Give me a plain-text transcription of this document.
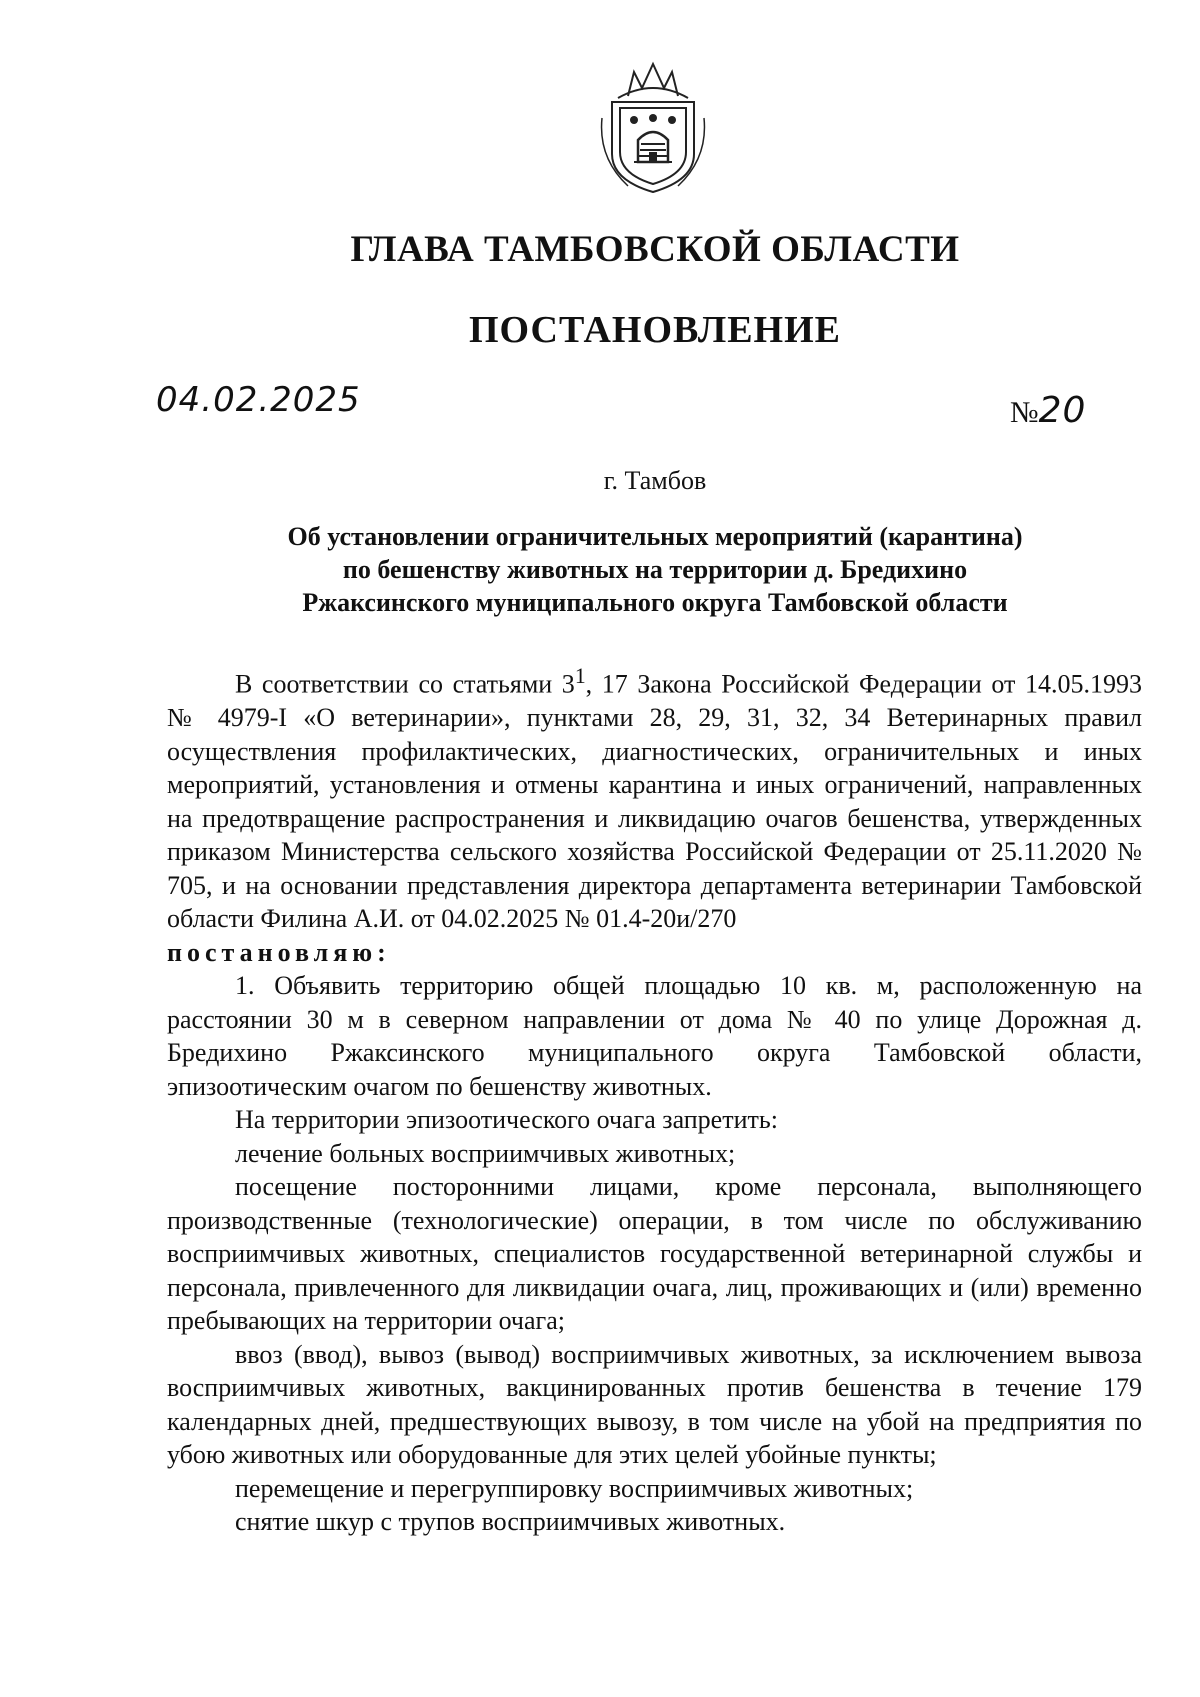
ГЛАВА ТАМБОВСКОЙ ОБЛАСТИ
ПОСТАНОВЛЕНИЕ
04.02.2025	№20
г. Тамбов
Об установлении ограничительных мероприятий (карантина)
по бешенству животных на территории д. Бредихино
Ржаксинского муниципального округа Тамбовской области

В соответствии со статьями $3^1$, 17 Закона Российской Федерации от 14.05.1993 № 4979-I «О ветеринарии», пунктами 28, 29, 31, 32, 34 Ветеринарных правил осуществления профилактических, диагностических, ограничительных и иных мероприятий, установления и отмены карантина и иных ограничений, направленных на предотвращение распространения и ликвидацию очагов бешенства, утвержденных приказом Министерства сельского хозяйства Российской Федерации от 25.11.2020 № 705, и на основании представления директора департамента ветеринарии Тамбовской области Филина А.И. от 04.02.2025 № 01.4-20и/270

постановляю:

1. Объявить территорию общей площадью 10 кв. м, расположенную на расстоянии 30 м в северном направлении от дома № 40 по улице Дорожная д. Бредихино Ржаксинского муниципального округа Тамбовской области, эпизоотическим очагом по бешенству животных.

На территории эпизоотического очага запретить:

лечение больных восприимчивых животных;

посещение посторонними лицами, кроме персонала, выполняющего производственные (технологические) операции, в том числе по обслуживанию восприимчивых животных, специалистов государственной ветеринарной службы и персонала, привлеченного для ликвидации очага, лиц, проживающих и (или) временно пребывающих на территории очага;

ввоз (ввод), вывоз (вывод) восприимчивых животных, за исключением вывоза восприимчивых животных, вакцинированных против бешенства в течение 179 календарных дней, предшествующих вывозу, в том числе на убой на предприятия по убою животных или оборудованные для этих целей убойные пункты;

перемещение и перегруппировку восприимчивых животных;

снятие шкур с трупов восприимчивых животных.
